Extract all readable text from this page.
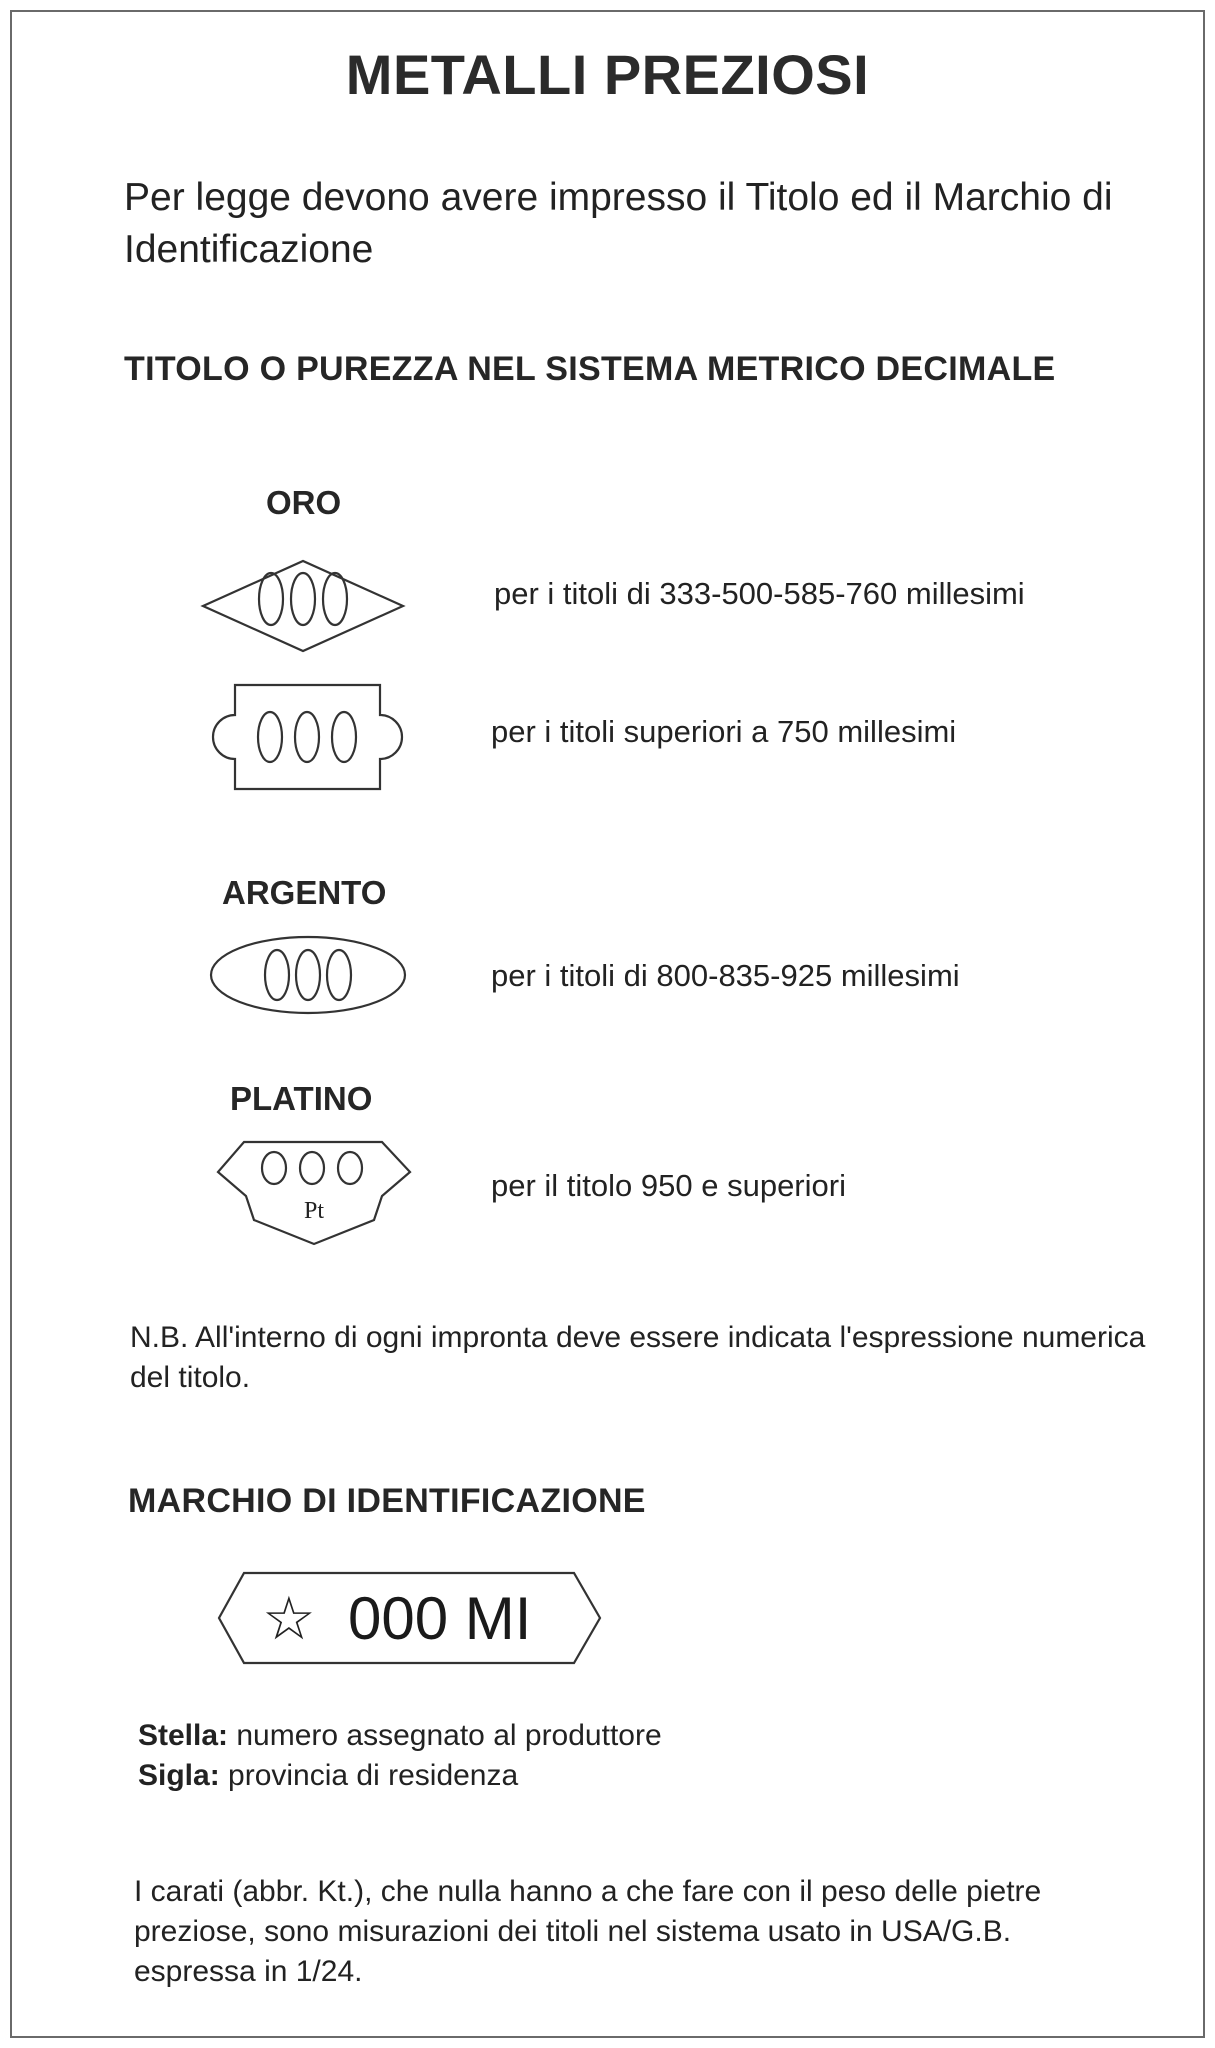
METALLI PREZIOSI

Per legge devono avere impresso il Titolo ed il Marchio di Identificazione

TITOLO O PUREZZA NEL SISTEMA METRICO DECIMALE
ORO
per i titoli di 333-500-585-760 millesimi
per i titoli superiori a 750 millesimi
ARGENTO
per i titoli di 800-835-925 millesimi
PLATINO
Pt
per il titolo 950 e superiori

N.B. All'interno di ogni impronta deve essere indicata l'espressione numerica del titolo.

MARCHIO DI IDENTIFICAZIONE
☆ 000 MI
Stella: numero assegnato al produttore
Sigla: provincia di residenza

I carati (abbr. Kt.), che nulla hanno a che fare con il peso delle pietre preziose, sono misurazioni dei titoli nel sistema usato in USA/G.B. espressa in 1/24.
